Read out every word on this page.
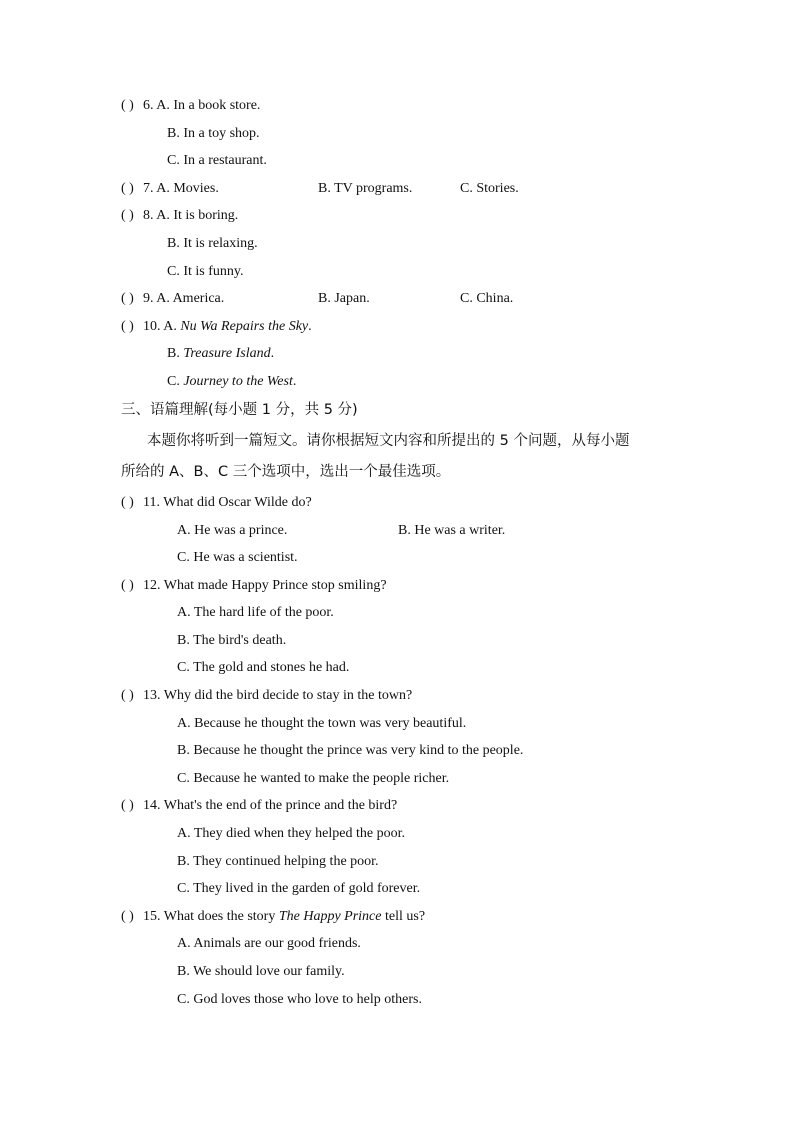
( ) 6. A. In a book store.
B. In a toy shop.
C. In a restaurant.
( ) 7. A. Movies.	B. TV programs.	C. Stories.
( ) 8. A. It is boring.
B. It is relaxing.
C. It is funny.
( ) 9. A. America.	B. Japan.	C. China.
( ) 10. A. Nu Wa Repairs the Sky.
B. Treasure Island.
C. Journey to the West.
三、语篇理解(每小题 1 分，共 5 分)
本题你将听到一篇短文。请你根据短文内容和所提出的 5 个问题，从每小题
所给的 A、B、C 三个选项中，选出一个最佳选项。
( ) 11. What did Oscar Wilde do?
A. He was a prince.	B. He was a writer.
C. He was a scientist.
( ) 12. What made Happy Prince stop smiling?
A. The hard life of the poor.
B. The bird's death.
C. The gold and stones he had.
( ) 13. Why did the bird decide to stay in the town?
A. Because he thought the town was very beautiful.
B. Because he thought the prince was very kind to the people.
C. Because he wanted to make the people richer.
( ) 14. What's the end of the prince and the bird?
A. They died when they helped the poor.
B. They continued helping the poor.
C. They lived in the garden of gold forever.
( ) 15. What does the story The Happy Prince tell us?
A. Animals are our good friends.
B. We should love our family.
C. God loves those who love to help others.
